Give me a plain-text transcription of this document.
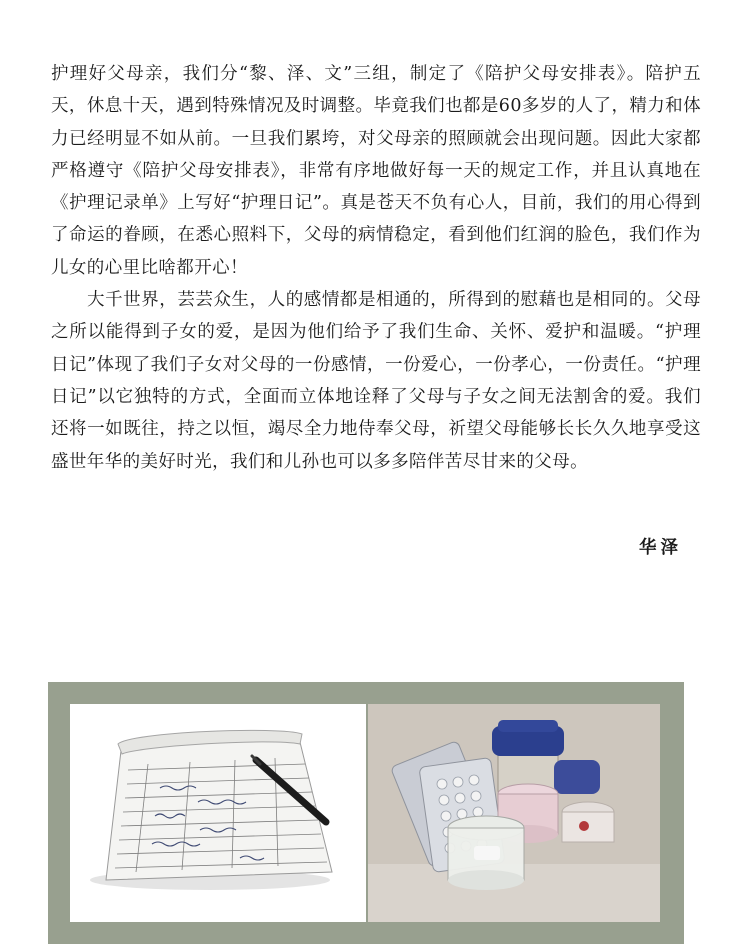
护理好父母亲，我们分“黎、泽、文”三组，制定了《陪护父母安排表》。陪护五天，休息十天，遇到特殊情况及时调整。毕竟我们也都是60多岁的人了，精力和体力已经明显不如从前。一旦我们累垮，对父母亲的照顾就会出现问题。因此大家都严格遵守《陪护父母安排表》，非常有序地做好每一天的规定工作，并且认真地在《护理记录单》上写好“护理日记”。真是苍天不负有心人，目前，我们的用心得到了命运的眷顾，在悉心照料下，父母的病情稳定，看到他们红润的脸色，我们作为儿女的心里比啥都开心！

大千世界，芸芸众生，人的感情都是相通的，所得到的慰藉也是相同的。父母之所以能得到子女的爱，是因为他们给予了我们生命、关怀、爱护和温暖。“护理日记”体现了我们子女对父母的一份感情，一份爱心，一份孝心，一份责任。“护理日记”以它独特的方式，全面而立体地诠释了父母与子女之间无法割舍的爱。我们还将一如既往，持之以恒，竭尽全力地侍奉父母，祈望父母能够长长久久地享受这盛世年华的美好时光，我们和儿孙也可以多多陪伴苦尽甘来的父母。

华泽
